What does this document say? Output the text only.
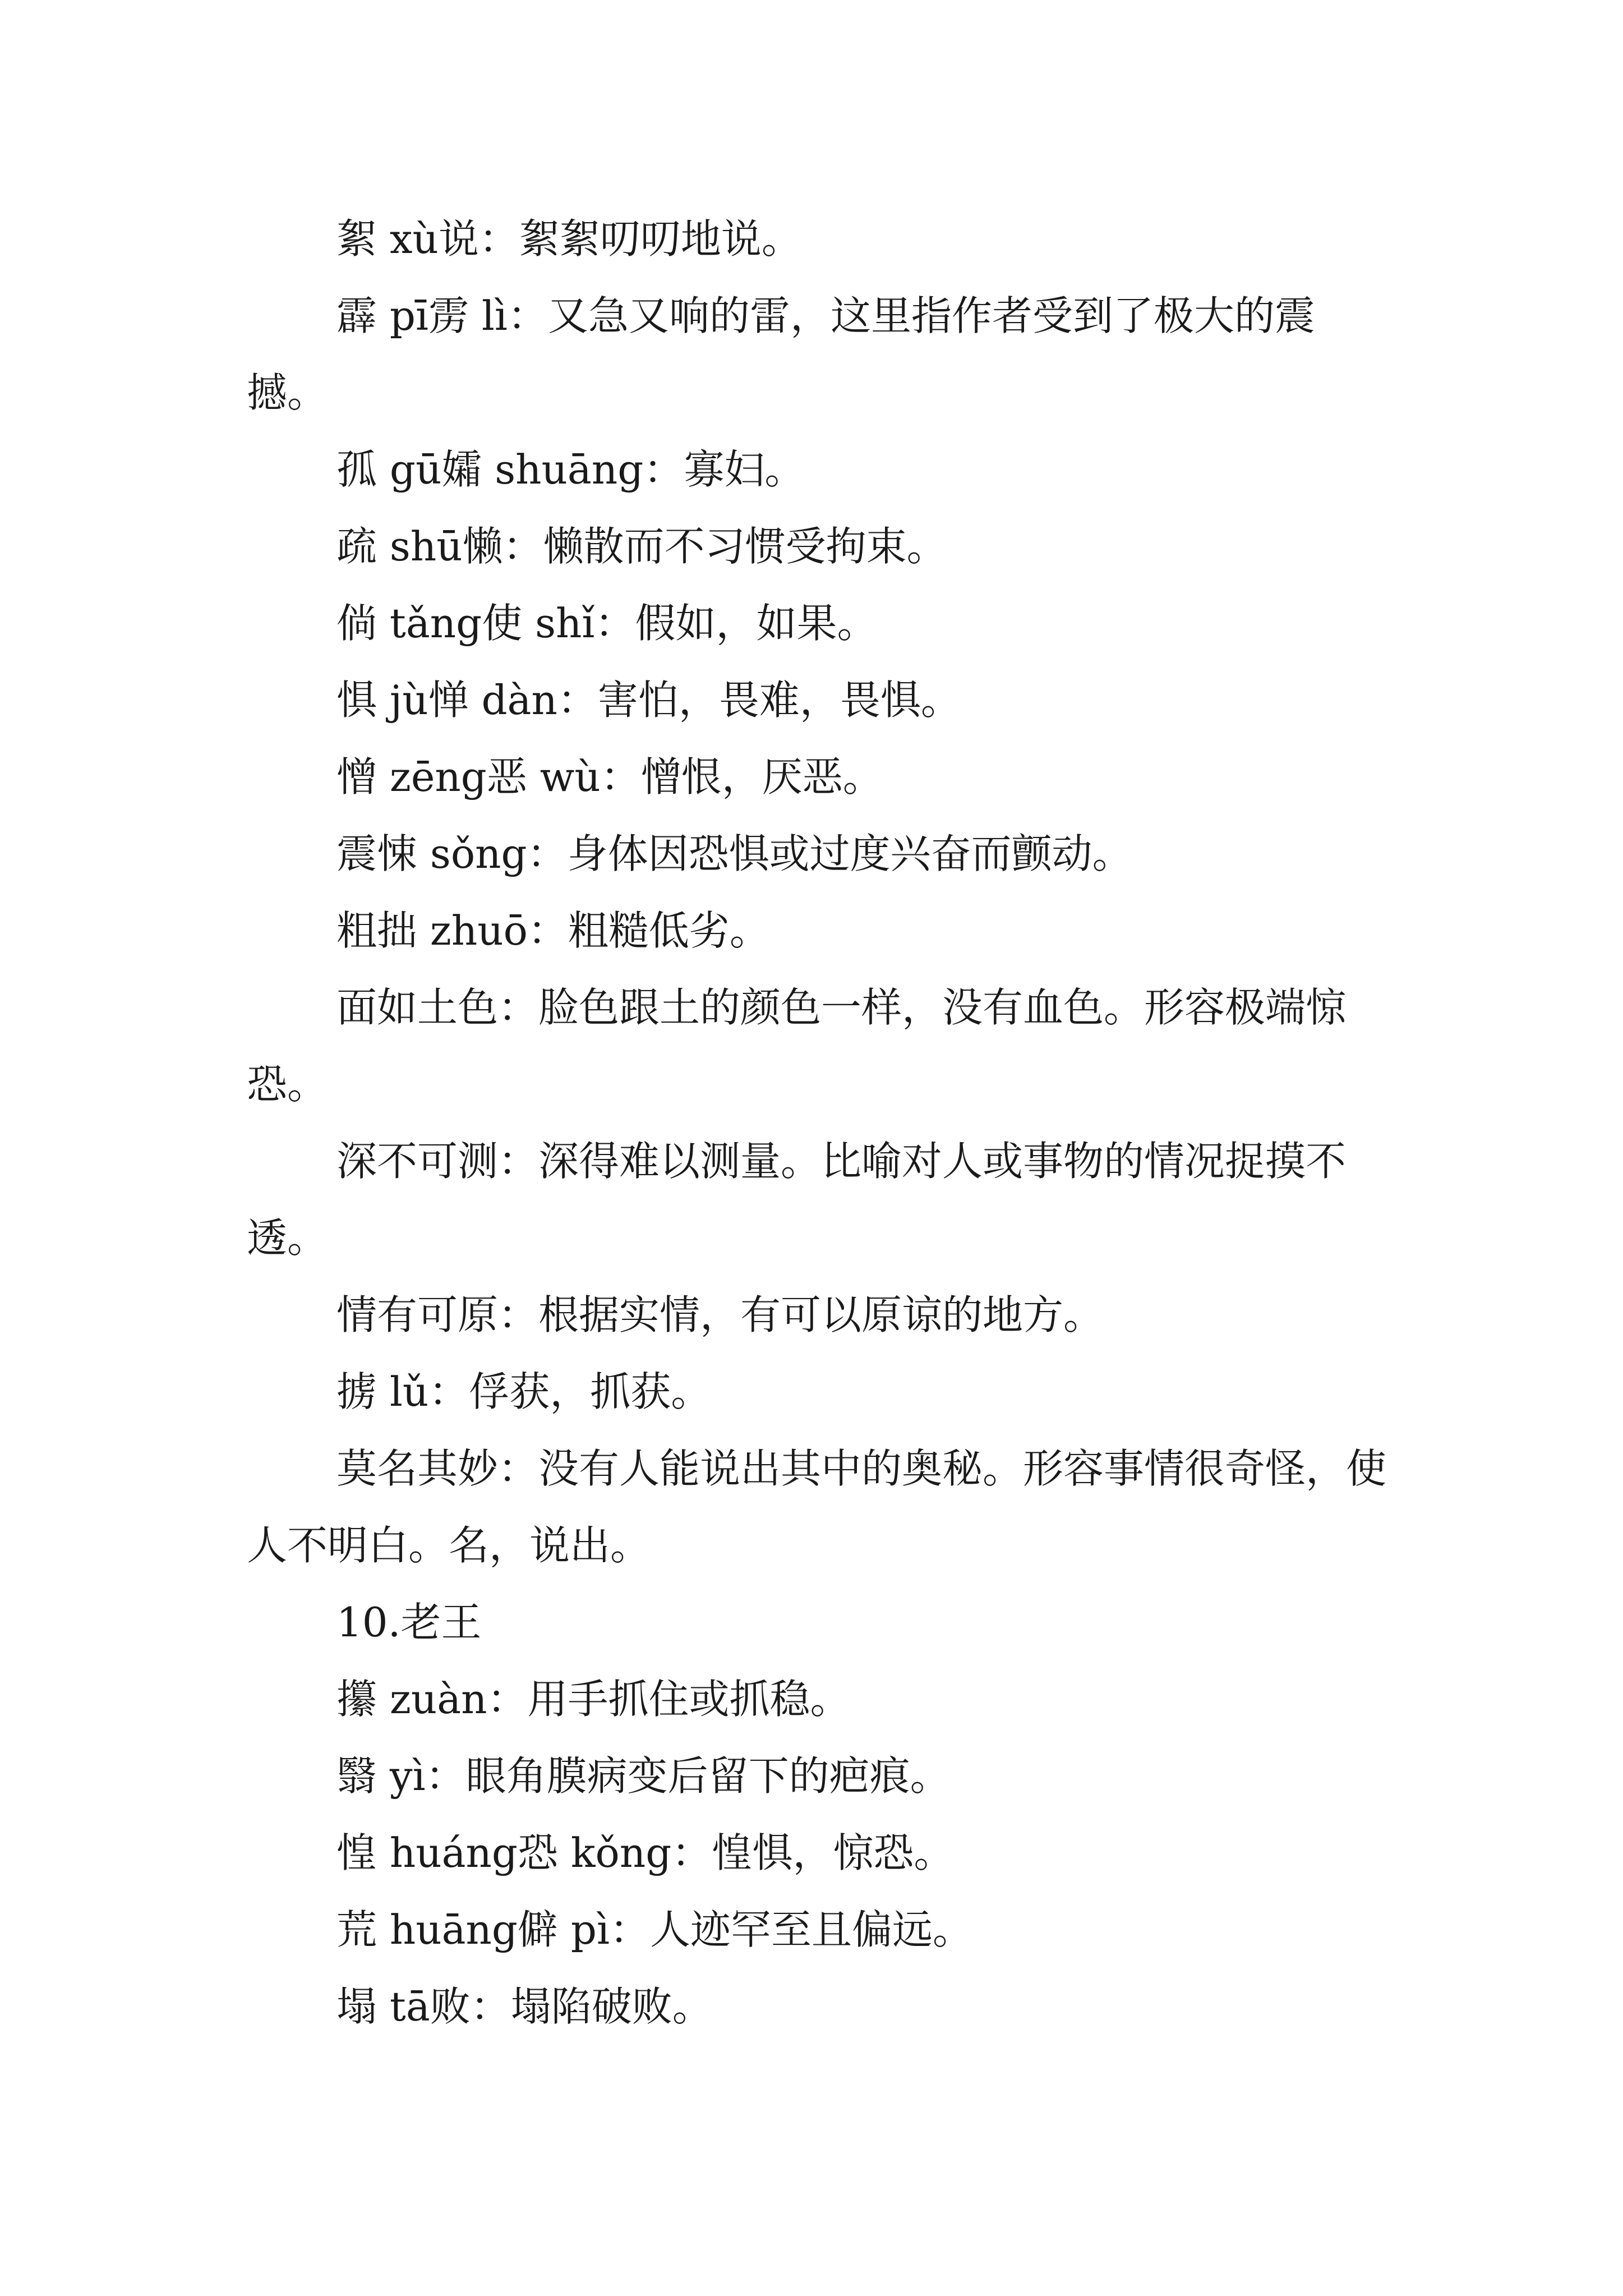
絮 xù说：絮絮叨叨地说。

霹 pī雳 lì：又急又响的雷，这里指作者受到了极大的震撼。

孤 gū孀 shuāng：寡妇。

疏 shū懒：懒散而不习惯受拘束。

倘 tǎng使 shǐ：假如，如果。

惧 jù惮 dàn：害怕，畏难，畏惧。

憎 zēng恶 wù：憎恨，厌恶。

震悚 sǒng：身体因恐惧或过度兴奋而颤动。

粗拙 zhuō：粗糙低劣。

面如土色：脸色跟土的颜色一样，没有血色。形容极端惊恐。

深不可测：深得难以测量。比喻对人或事物的情况捉摸不透。

情有可原：根据实情，有可以原谅的地方。

掳 lǔ：俘获，抓获。

莫名其妙：没有人能说出其中的奥秘。形容事情很奇怪，使人不明白。名，说出。

10.老王

攥 zuàn：用手抓住或抓稳。

翳 yì：眼角膜病变后留下的疤痕。

惶 huáng恐 kǒng：惶惧，惊恐。

荒 huāng僻 pì：人迹罕至且偏远。

塌 tā败：塌陷破败。
